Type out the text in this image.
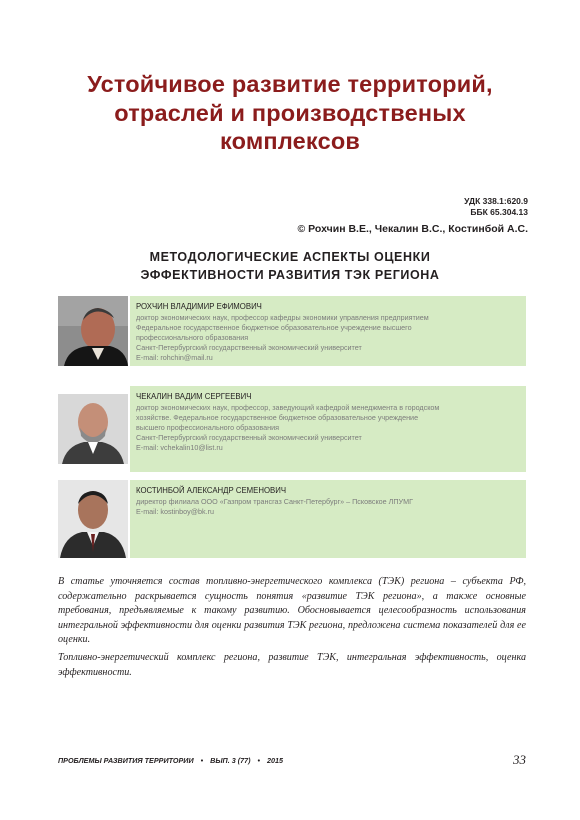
Устойчивое развитие территорий,
отраслей и производственых
комплексов
УДК 338.1:620.9
ББК 65.304.13
© Рохчин В.Е., Чекалин В.С., Костинбой А.С.
МЕТОДОЛОГИЧЕСКИЕ АСПЕКТЫ ОЦЕНКИ
ЭФФЕКТИВНОСТИ РАЗВИТИЯ ТЭК РЕГИОНА
РОХЧИН ВЛАДИМИР ЕФИМОВИЧ
доктор экономических наук, профессор кафедры экономики управления предприятием
Федеральное государственное бюджетное образовательное учреждение высшего
профессионального образования
Санкт-Петербургский государственный экономический университет
E-mail: rohchin@mail.ru
ЧЕКАЛИН ВАДИМ СЕРГЕЕВИЧ
доктор экономических наук, профессор, заведующий кафедрой менеджмента в городском
хозяйстве. Федеральное государственное бюджетное образовательное учреждение
высшего профессионального образования
Санкт-Петербургский государственный экономический университет
E-mail: vchekalin10@list.ru
КОСТИНБОЙ АЛЕКСАНДР СЕМЕНОВИЧ
директор филиала ООО «Газпром трансгаз Санкт-Петербург» – Псковское ЛПУМГ
E-mail: kostinboy@bk.ru

В статье уточняется состав топливно-энергетического комплекса (ТЭК) региона – субъекта РФ, содержательно раскрывается сущность понятия «развитие ТЭК региона», а также основные требования, предъявляемые к такому развитию. Обосновывается целесообразность использования интегральной эффективности для оценки развития ТЭК региона, предложена система показателей для ее оценки.

Топливно-энергетический комплекс региона, развитие ТЭК, интегральная эффективность, оценка эффективности.

ПРОБЛЕМЫ РАЗВИТИЯ ТЕРРИТОРИИ • ВЫП. 3 (77) • 2015	33
